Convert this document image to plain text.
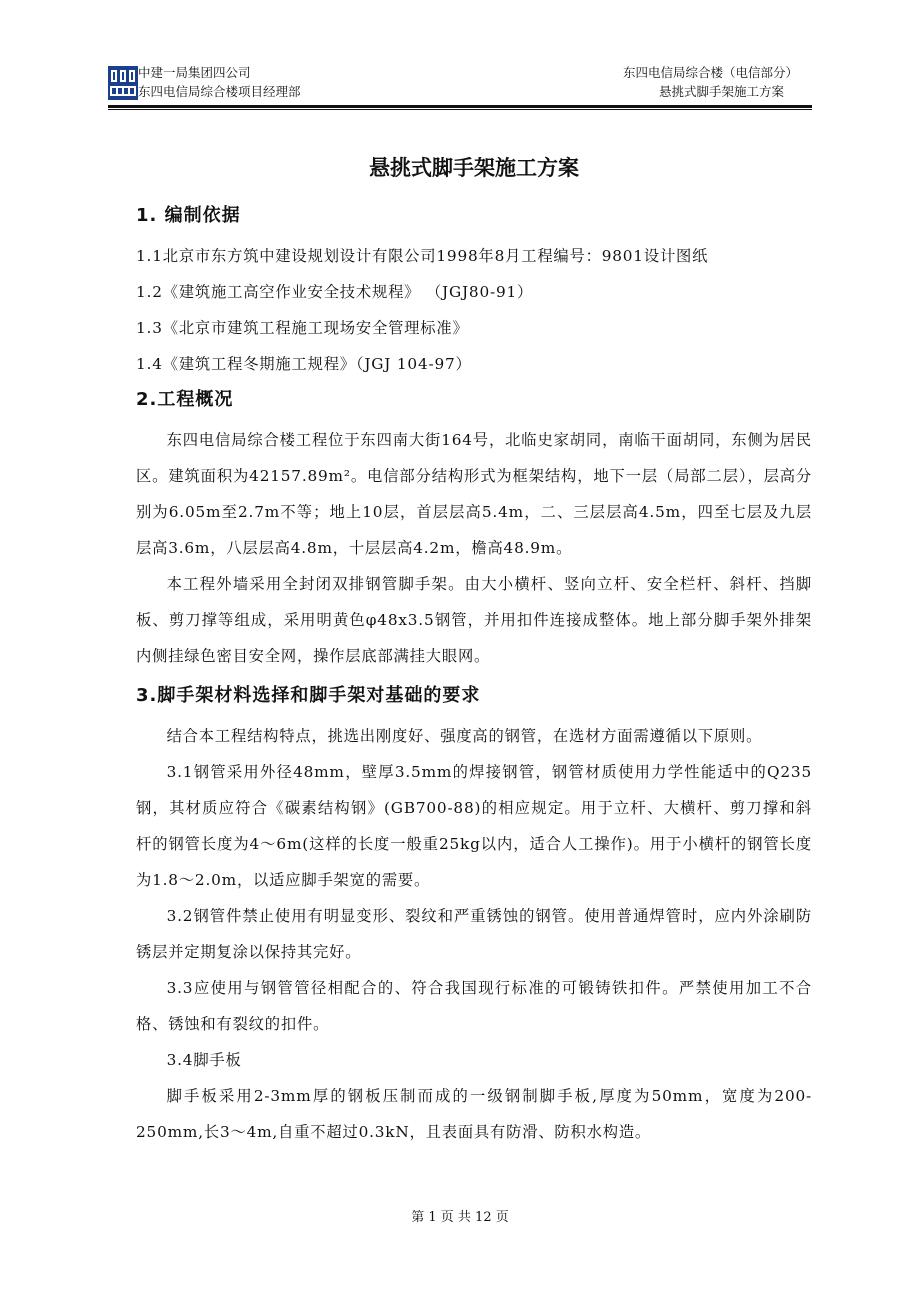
中建一局集团四公司
东四电信局综合楼项目经理部
东四电信局综合楼（电信部分）
悬挑式脚手架施工方案
悬挑式脚手架施工方案
1. 编制依据

1.1北京市东方筑中建设规划设计有限公司1998年8月工程编号：9801设计图纸

1.2《建筑施工高空作业安全技术规程》 （JGJ80-91）

1.3《北京市建筑工程施工现场安全管理标准》

1.4《建筑工程冬期施工规程》（JGJ 104-97）

2.工程概况

东四电信局综合楼工程位于东四南大街164号，北临史家胡同，南临干面胡同，东侧为居民区。建筑面积为42157.89m²。电信部分结构形式为框架结构，地下一层（局部二层），层高分别为6.05m至2.7m不等；地上10层，首层层高5.4m，二、三层层高4.5m，四至七层及九层层高3.6m，八层层高4.8m，十层层高4.2m，檐高48.9m。

本工程外墙采用全封闭双排钢管脚手架。由大小横杆、竖向立杆、安全栏杆、斜杆、挡脚板、剪刀撑等组成，采用明黄色φ48x3.5钢管，并用扣件连接成整体。地上部分脚手架外排架内侧挂绿色密目安全网，操作层底部满挂大眼网。

3.脚手架材料选择和脚手架对基础的要求

结合本工程结构特点，挑选出刚度好、强度高的钢管，在选材方面需遵循以下原则。

3.1钢管采用外径48mm，壁厚3.5mm的焊接钢管，钢管材质使用力学性能适中的Q235钢，其材质应符合《碳素结构钢》(GB700-88)的相应规定。用于立杆、大横杆、剪刀撑和斜杆的钢管长度为4～6m(这样的长度一般重25kg以内，适合人工操作)。用于小横杆的钢管长度为1.8～2.0m，以适应脚手架宽的需要。

3.2钢管件禁止使用有明显变形、裂纹和严重锈蚀的钢管。使用普通焊管时，应内外涂刷防锈层并定期复涂以保持其完好。

3.3应使用与钢管管径相配合的、符合我国现行标准的可锻铸铁扣件。严禁使用加工不合格、锈蚀和有裂纹的扣件。

3.4脚手板

脚手板采用2-3mm厚的钢板压制而成的一级钢制脚手板,厚度为50mm，宽度为200-250mm,长3～4m,自重不超过0.3kN，且表面具有防滑、防积水构造。

第 1 页 共 12 页
